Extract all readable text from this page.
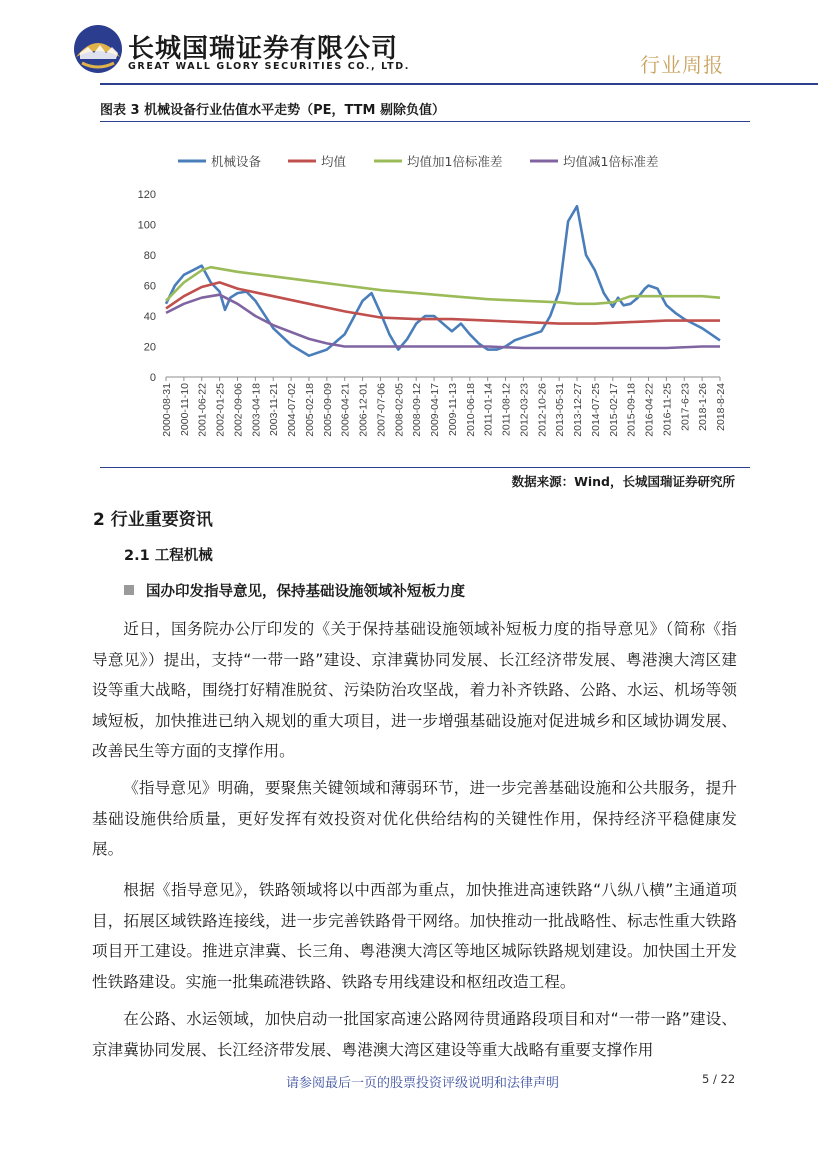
长城国瑞证券有限公司
GREAT WALL GLORY SECURITIES CO., LTD.	行业周报
图表 3 机械设备行业估值水平走势（PE，TTM 剔除负值）
0
20
40
60
80
100
120
2000-08-31 2000-11-10 2001-06-22 2002-01-25 2002-09-06 2003-04-18 2003-11-21 2004-07-02 2005-02-18 2005-09-09 2006-04-21 2006-12-01 2007-07-06 2008-02-05 2008-09-12 2009-04-17 2009-11-13 2010-06-18 2011-01-14 2011-08-12 2012-03-23 2012-10-26 2013-05-31 2013-12-27 2014-07-25 2015-02-17 2015-09-18 2016-04-22 2016-11-25 2017-6-23 2018-1-26 2018-8-24
机械设备	均值	均值加1倍标准差	均值减1倍标准差
数据来源：Wind，长城国瑞证券研究所
2 行业重要资讯
2.1 工程机械
国办印发指导意见，保持基础设施领域补短板力度

近日，国务院办公厅印发的《关于保持基础设施领域补短板力度的指导意见》（简称《指导意见》）提出，支持“一带一路”建设、京津冀协同发展、长江经济带发展、粤港澳大湾区建设等重大战略，围绕打好精准脱贫、污染防治攻坚战，着力补齐铁路、公路、水运、机场等领域短板，加快推进已纳入规划的重大项目，进一步增强基础设施对促进城乡和区域协调发展、改善民生等方面的支撑作用。

《指导意见》明确，要聚焦关键领域和薄弱环节，进一步完善基础设施和公共服务，提升基础设施供给质量，更好发挥有效投资对优化供给结构的关键性作用，保持经济平稳健康发展。

根据《指导意见》，铁路领域将以中西部为重点，加快推进高速铁路“八纵八横”主通道项目，拓展区域铁路连接线，进一步完善铁路骨干网络。加快推动一批战略性、标志性重大铁路项目开工建设。推进京津冀、长三角、粤港澳大湾区等地区城际铁路规划建设。加快国土开发性铁路建设。实施一批集疏港铁路、铁路专用线建设和枢纽改造工程。

在公路、水运领域，加快启动一批国家高速公路网待贯通路段项目和对“一带一路”建设、京津冀协同发展、长江经济带发展、粤港澳大湾区建设等重大战略有重要支撑作用

请参阅最后一页的股票投资评级说明和法律声明	5 / 22
